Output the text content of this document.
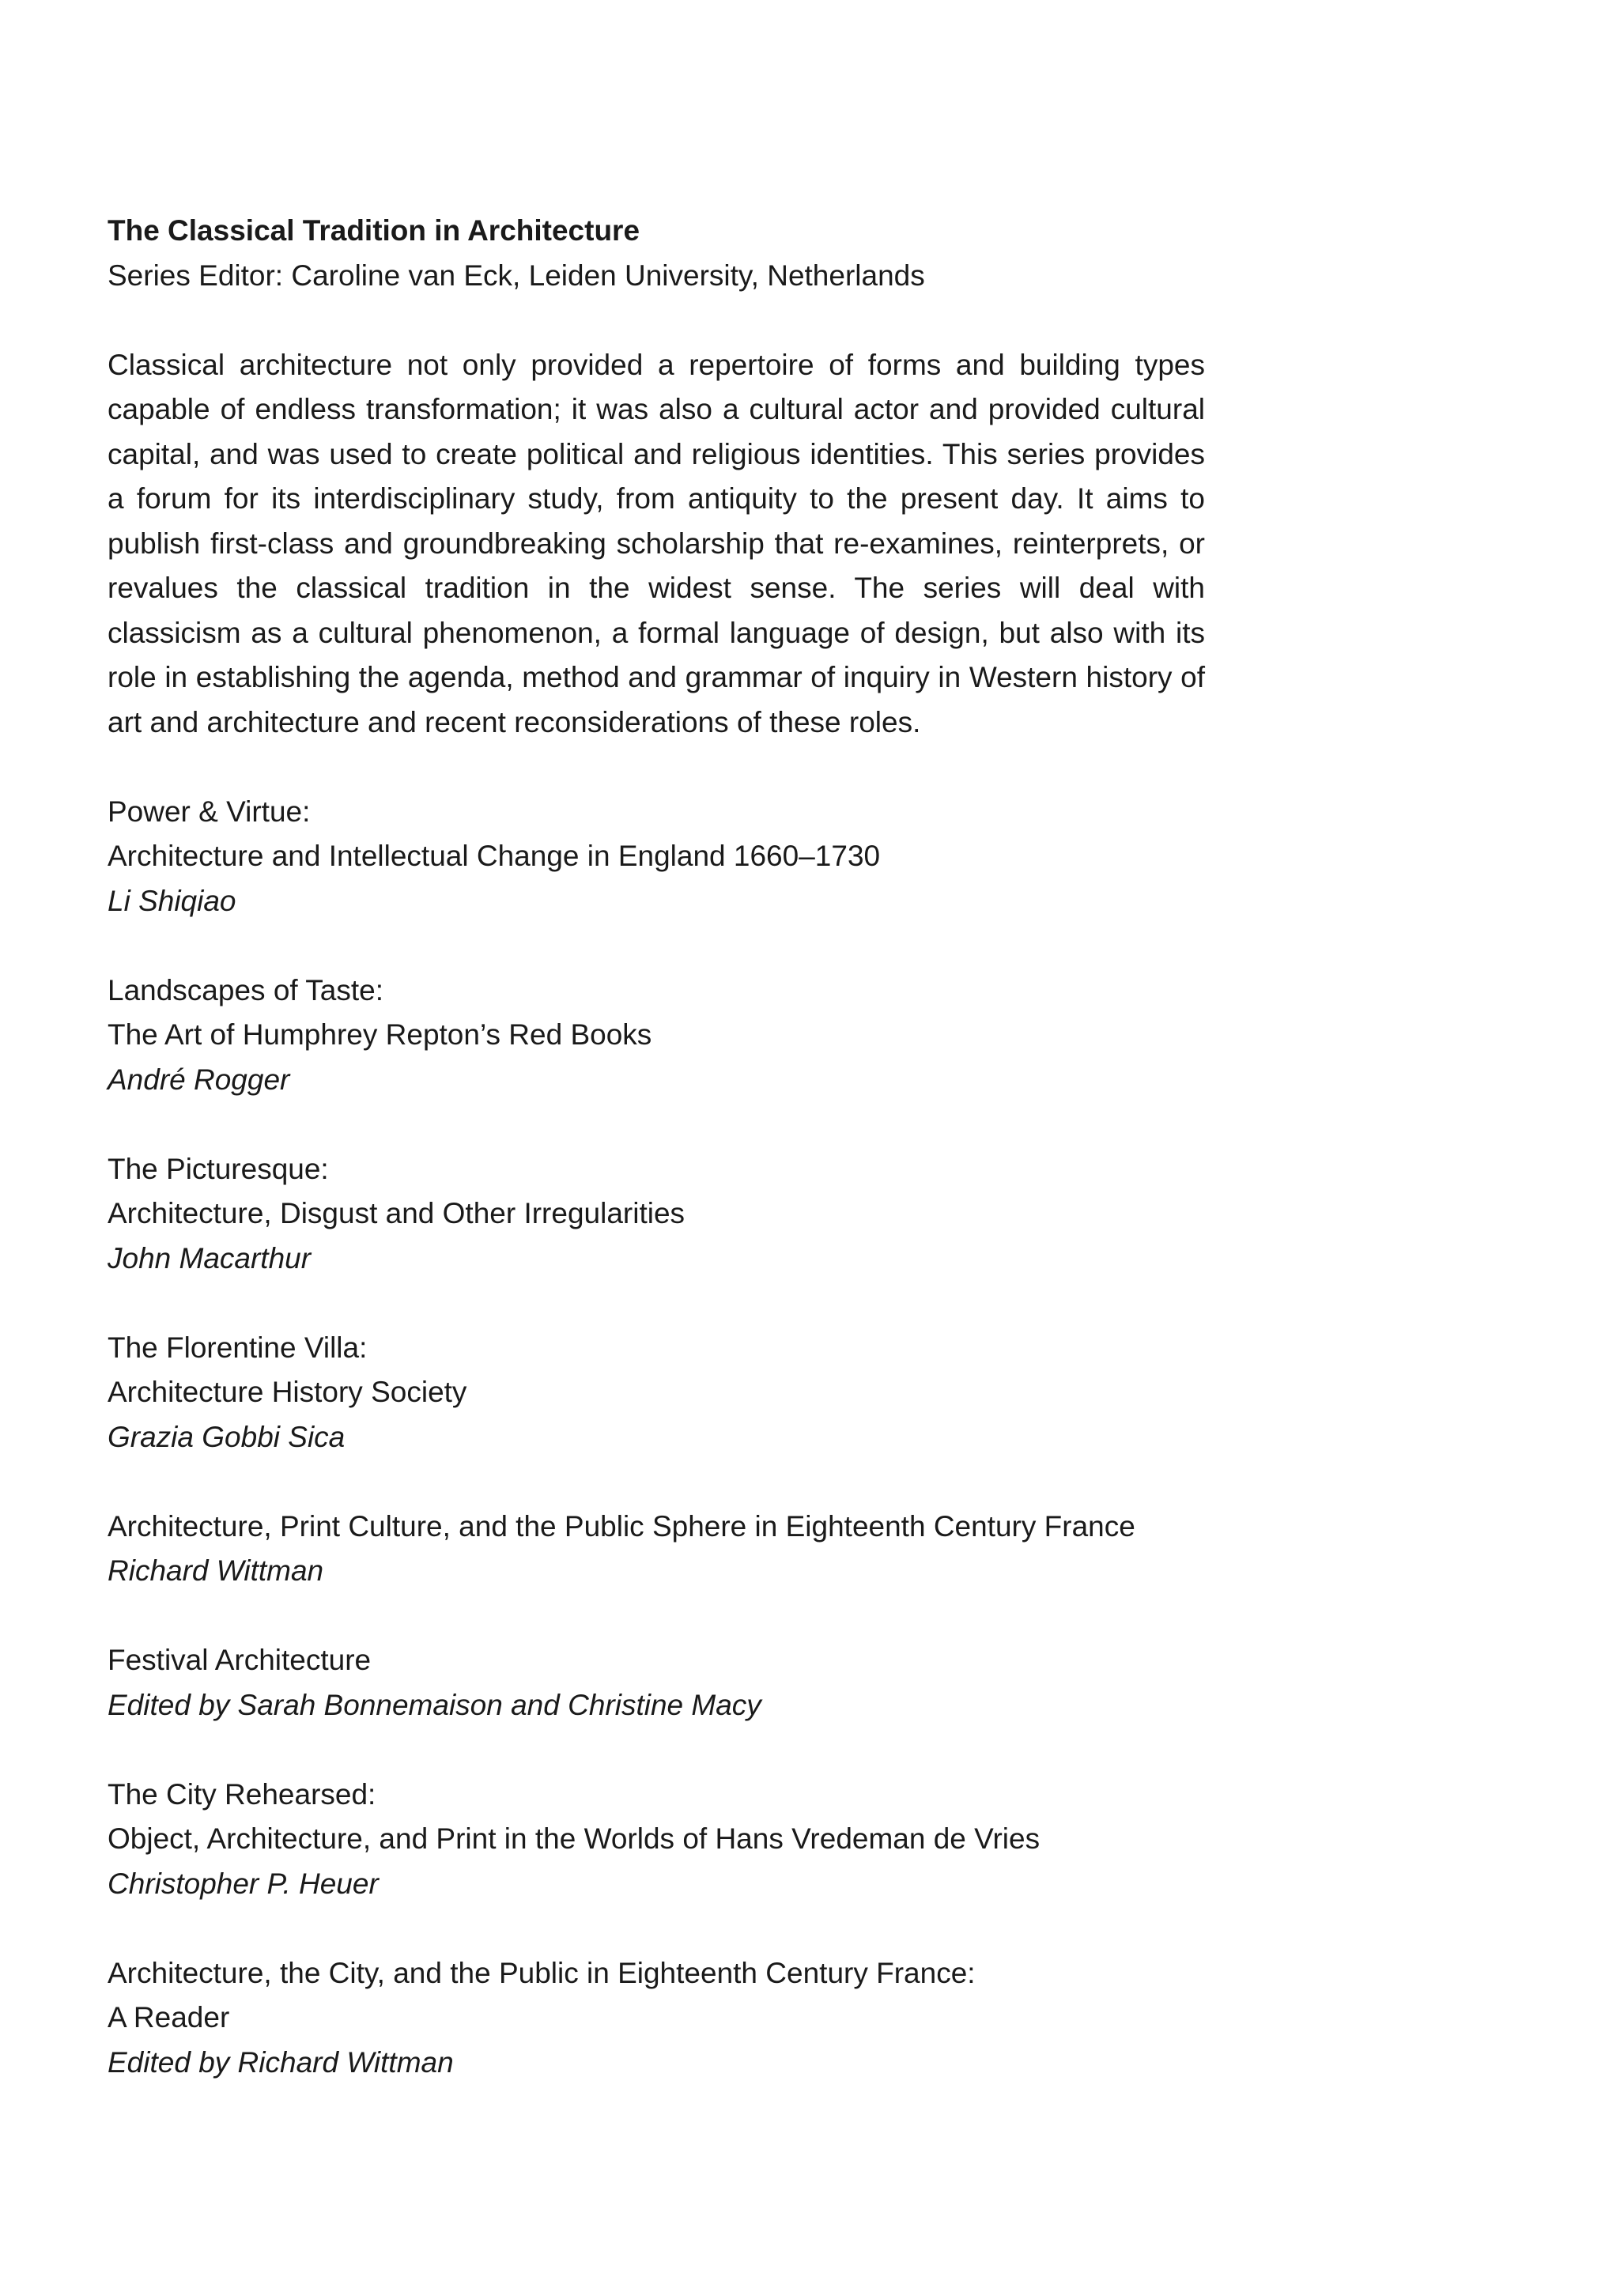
The Classical Tradition in Architecture

Series Editor: Caroline van Eck, Leiden University, Netherlands

Classical architecture not only provided a repertoire of forms and building types capable of endless transformation; it was also a cultural actor and provided cultural capital, and was used to create political and religious identities. This series provides a forum for its interdisciplinary study, from antiquity to the present day. It aims to publish first-class and groundbreaking scholarship that re-examines, reinterprets, or revalues the classical tradition in the widest sense. The series will deal with classicism as a cultural phenomenon, a formal language of design, but also with its role in establishing the agenda, method and grammar of inquiry in Western history of art and architecture and recent reconsiderations of these roles.

Power & Virtue:
Architecture and Intellectual Change in England 1660–1730
Li Shiqiao
Landscapes of Taste:
The Art of Humphrey Repton’s Red Books
André Rogger
The Picturesque:
Architecture, Disgust and Other Irregularities
John Macarthur
The Florentine Villa:
Architecture History Society
Grazia Gobbi Sica
Architecture, Print Culture, and the Public Sphere in Eighteenth Century France
Richard Wittman
Festival Architecture
Edited by Sarah Bonnemaison and Christine Macy
The City Rehearsed:
Object, Architecture, and Print in the Worlds of Hans Vredeman de Vries
Christopher P. Heuer
Architecture, the City, and the Public in Eighteenth Century France:
A Reader
Edited by Richard Wittman
